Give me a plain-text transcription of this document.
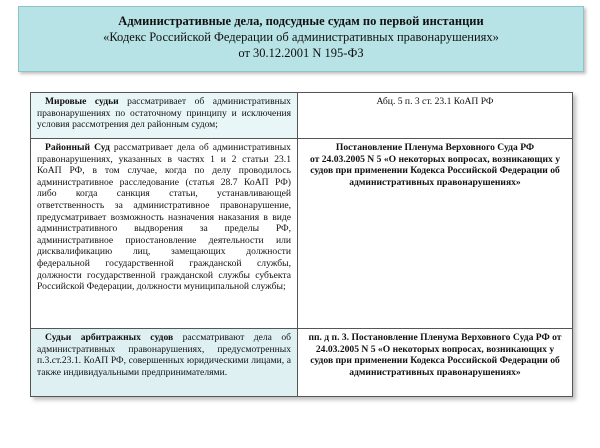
Административные дела, подсудные судам по первой инстанции
«Кодекс Российской Федерации об административных правонарушениях»
от 30.12.2001 N 195-ФЗ
Мировые судьи рассматривает об административных правонарушениях по остаточному принципу и исключения условия рассмотрения дел районным судом;	Абц. 5 п. 3 ст. 23.1 КоАП РФ
Районный Суд рассматривает дела об административных правонарушениях, указанных в частях 1 и 2 статьи 23.1 КоАП РФ, в том случае, когда по делу проводилось административное расследование (статья 28.7 КоАП РФ) либо когда санкция статьи, устанавливающей ответственность за административное правонарушение, предусматривает возможность назначения наказания в виде административного выдворения за пределы РФ, административное приостановление деятельности или дисквалификацию лиц, замещающих должности федеральной государственной гражданской службы, должности государственной гражданской службы субъекта Российской Федерации, должности муниципальной службы;	Постановление Пленума Верховного Суда РФ
от 24.03.2005 N 5 «О некоторых вопросах, возникающих у судов при применении Кодекса Российской Федерации об административных правонарушениях»

Судьи арбитражных судов рассматривают дела об административных правонарушениях, предусмотренных п.3.ст.23.1. КоАП РФ, совершенных юридическими лицами, а также индивидуальными предпринимателями.	пп. д п. 3. Постановление Пленума Верховного Суда РФ от 24.03.2005 N 5 «О некоторых вопросах, возникающих у судов при применении Кодекса Российской Федерации об административных правонарушениях»
